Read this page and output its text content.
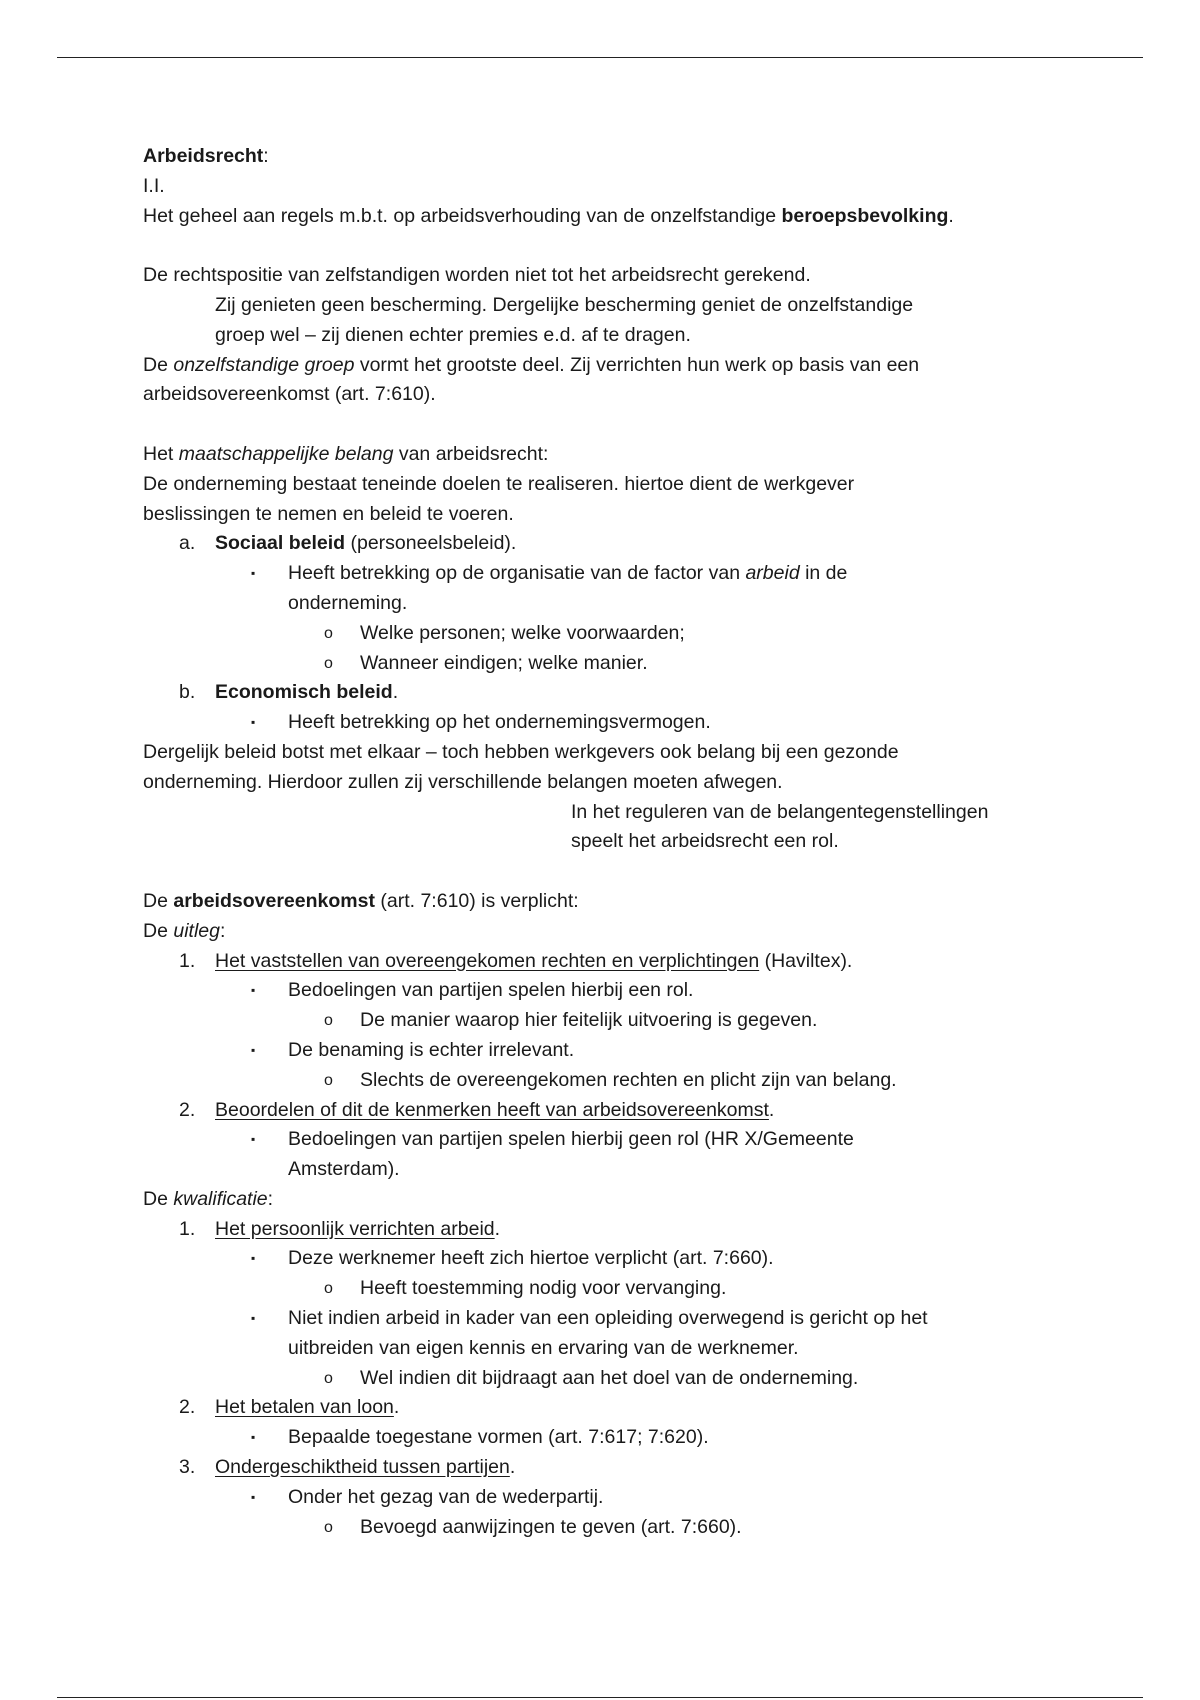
Arbeidsrecht:

I.I.

Het geheel aan regels m.b.t. op arbeidsverhouding van de onzelfstandige beroepsbevolking.

De rechtspositie van zelfstandigen worden niet tot het arbeidsrecht gerekend.

Zij genieten geen bescherming. Dergelijke bescherming geniet de onzelfstandige

groep wel – zij dienen echter premies e.d. af te dragen.

De onzelfstandige groep vormt het grootste deel. Zij verrichten hun werk op basis van een

arbeidsovereenkomst (art. 7:610).

Het maatschappelijke belang van arbeidsrecht:

De onderneming bestaat teneinde doelen te realiseren. hiertoe dient de werkgever

beslissingen te nemen en beleid te voeren.

a.	Sociaal beleid (personeelsbeleid).

▪ Heeft betrekking op de organisatie van de factor van arbeid in de

onderneming.

o Welke personen; welke voorwaarden;

o Wanneer eindigen; welke manier.

b.	Economisch beleid.

▪ Heeft betrekking op het ondernemingsvermogen.

Dergelijk beleid botst met elkaar – toch hebben werkgevers ook belang bij een gezonde

onderneming. Hierdoor zullen zij verschillende belangen moeten afwegen.

In het reguleren van de belangentegenstellingen

speelt het arbeidsrecht een rol.

De arbeidsovereenkomst (art. 7:610) is verplicht:

De uitleg:

1.	Het vaststellen van overeengekomen rechten en verplichtingen (Haviltex).

▪ Bedoelingen van partijen spelen hierbij een rol.

o De manier waarop hier feitelijk uitvoering is gegeven.

▪ De benaming is echter irrelevant.

o Slechts de overeengekomen rechten en plicht zijn van belang.

2.	Beoordelen of dit de kenmerken heeft van arbeidsovereenkomst.

▪ Bedoelingen van partijen spelen hierbij geen rol (HR X/Gemeente

Amsterdam).

De kwalificatie:

1.	Het persoonlijk verrichten arbeid.

▪ Deze werknemer heeft zich hiertoe verplicht (art. 7:660).

o Heeft toestemming nodig voor vervanging.

▪ Niet indien arbeid in kader van een opleiding overwegend is gericht op het

uitbreiden van eigen kennis en ervaring van de werknemer.

o Wel indien dit bijdraagt aan het doel van de onderneming.

2.	Het betalen van loon.

▪ Bepaalde toegestane vormen (art. 7:617; 7:620).

3.	Ondergeschiktheid tussen partijen.

▪ Onder het gezag van de wederpartij.

o Bevoegd aanwijzingen te geven (art. 7:660).
